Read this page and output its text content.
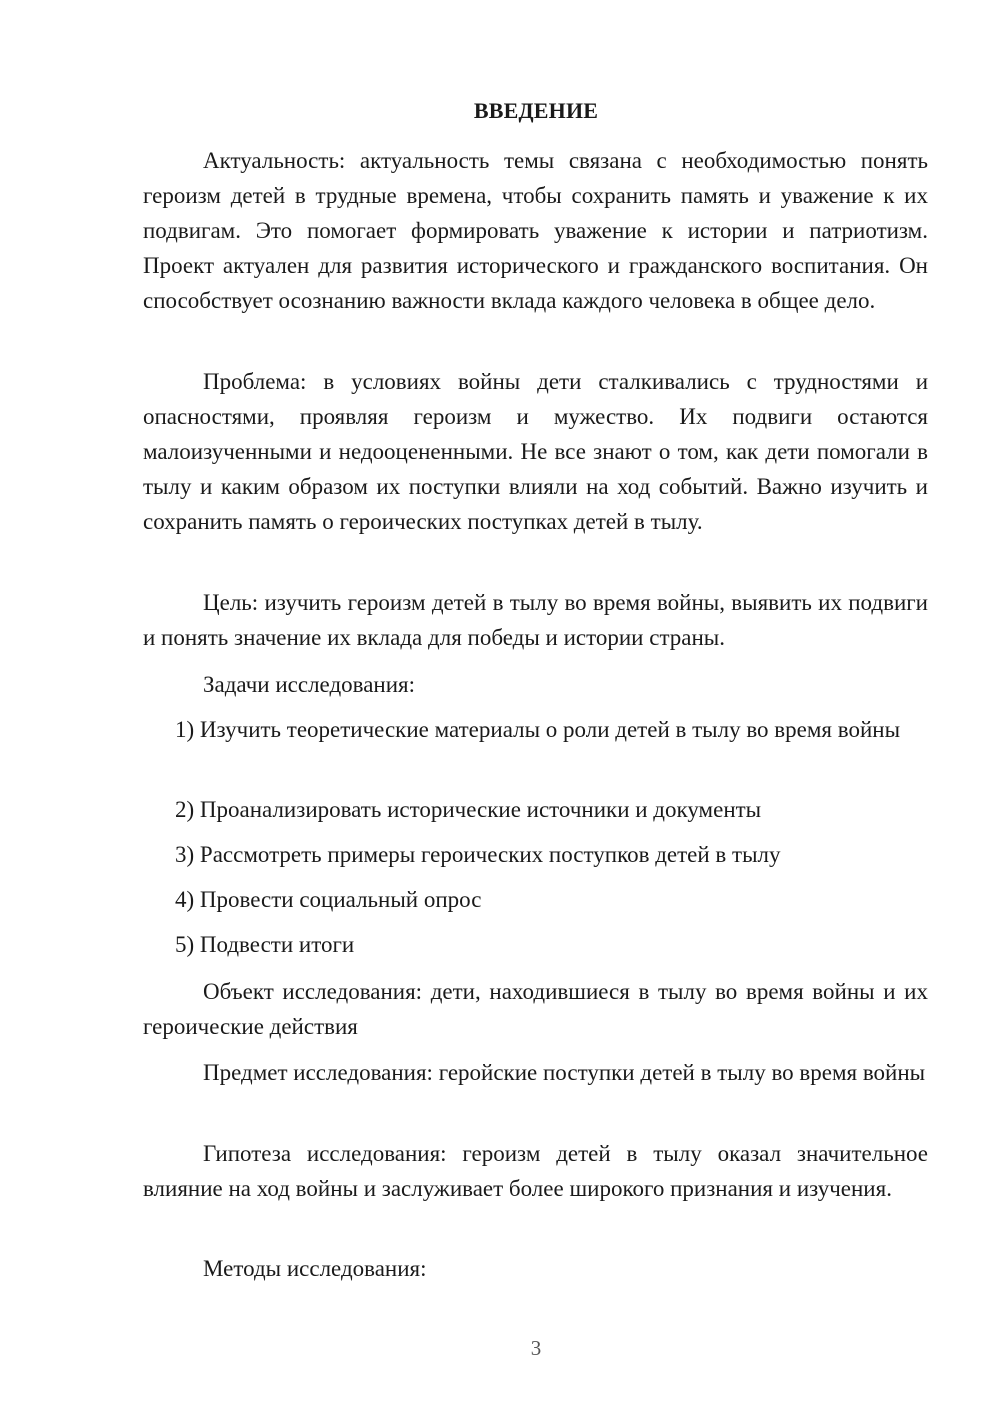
ВВЕДЕНИЕ

Актуальность: актуальность темы связана с необходимостью понять героизм детей в трудные времена, чтобы сохранить память и уважение к их подвигам. Это помогает формировать уважение к истории и патриотизм. Проект актуален для развития исторического и гражданского воспитания. Он способствует осознанию важности вклада каждого человека в общее дело.

Проблема: в условиях войны дети сталкивались с трудностями и опасностями, проявляя героизм и мужество. Их подвиги остаются малоизученными и недооцененными. Не все знают о том, как дети помогали в тылу и каким образом их поступки влияли на ход событий. Важно изучить и сохранить память о героических поступках детей в тылу.

Цель: изучить героизм детей в тылу во время войны, выявить их подвиги и понять значение их вклада для победы и истории страны.

Задачи исследования:

1) Изучить теоретические материалы о роли детей в тылу во время войны

2) Проанализировать исторические источники и документы

3) Рассмотреть примеры героических поступков детей в тылу

4) Провести социальный опрос

5) Подвести итоги

Объект исследования: дети, находившиеся в тылу во время войны и их героические действия

Предмет исследования: геройские поступки детей в тылу во время войны

Гипотеза исследования: героизм детей в тылу оказал значительное влияние на ход войны и заслуживает более широкого признания и изучения.

Методы исследования:

3
